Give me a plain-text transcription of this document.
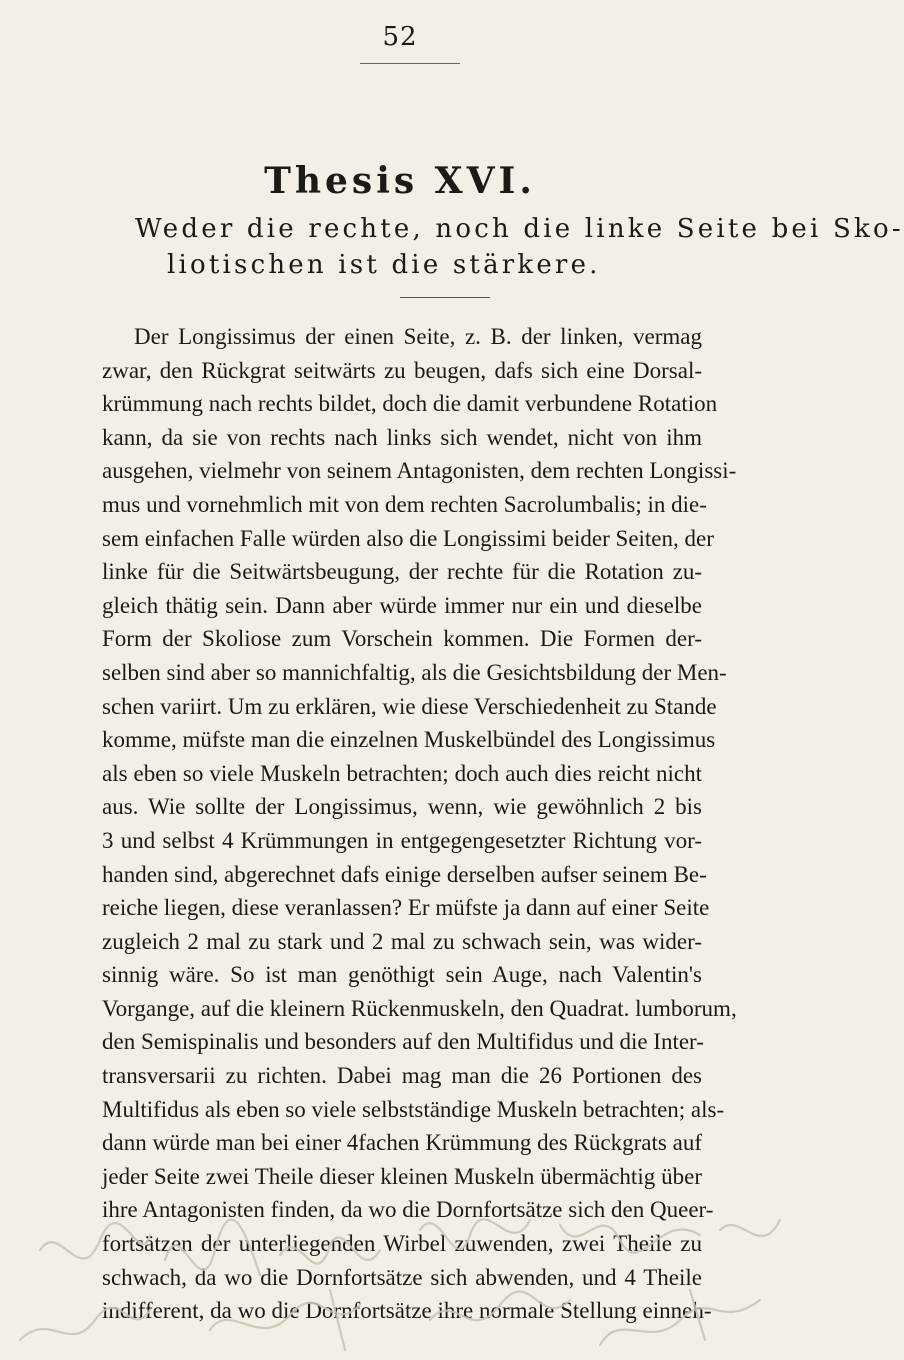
52
Thesis XVI.
Weder die rechte, noch die linke Seite bei Sko-
liotischen ist die stärkere.
Der Longissimus der einen Seite, z. B. der linken, vermag
zwar, den Rückgrat seitwärts zu beugen, dafs sich eine Dorsal-
krümmung nach rechts bildet, doch die damit verbundene Rotation
kann, da sie von rechts nach links sich wendet, nicht von ihm
ausgehen, vielmehr von seinem Antagonisten, dem rechten Longissi-
mus und vornehmlich mit von dem rechten Sacrolumbalis; in die-
sem einfachen Falle würden also die Longissimi beider Seiten, der
linke für die Seitwärtsbeugung, der rechte für die Rotation zu-
gleich thätig sein. Dann aber würde immer nur ein und dieselbe
Form der Skoliose zum Vorschein kommen. Die Formen der-
selben sind aber so mannichfaltig, als die Gesichtsbildung der Men-
schen variirt. Um zu erklären, wie diese Verschiedenheit zu Stande
komme, müfste man die einzelnen Muskelbündel des Longissimus
als eben so viele Muskeln betrachten; doch auch dies reicht nicht
aus. Wie sollte der Longissimus, wenn, wie gewöhnlich 2 bis
3 und selbst 4 Krümmungen in entgegengesetzter Richtung vor-
handen sind, abgerechnet dafs einige derselben aufser seinem Be-
reiche liegen, diese veranlassen? Er müfste ja dann auf einer Seite
zugleich 2 mal zu stark und 2 mal zu schwach sein, was wider-
sinnig wäre. So ist man genöthigt sein Auge, nach Valentin's
Vorgange, auf die kleinern Rückenmuskeln, den Quadrat. lumborum,
den Semispinalis und besonders auf den Multifidus und die Inter-
transversarii zu richten. Dabei mag man die 26 Portionen des
Multifidus als eben so viele selbstständige Muskeln betrachten; als-
dann würde man bei einer 4fachen Krümmung des Rückgrats auf
jeder Seite zwei Theile dieser kleinen Muskeln übermächtig über
ihre Antagonisten finden, da wo die Dornfortsätze sich den Queer-
fortsätzen der unterliegenden Wirbel zuwenden, zwei Theile zu
schwach, da wo die Dornfortsätze sich abwenden, und 4 Theile
indifferent, da wo die Dornfortsätze ihre normale Stellung einneh-
